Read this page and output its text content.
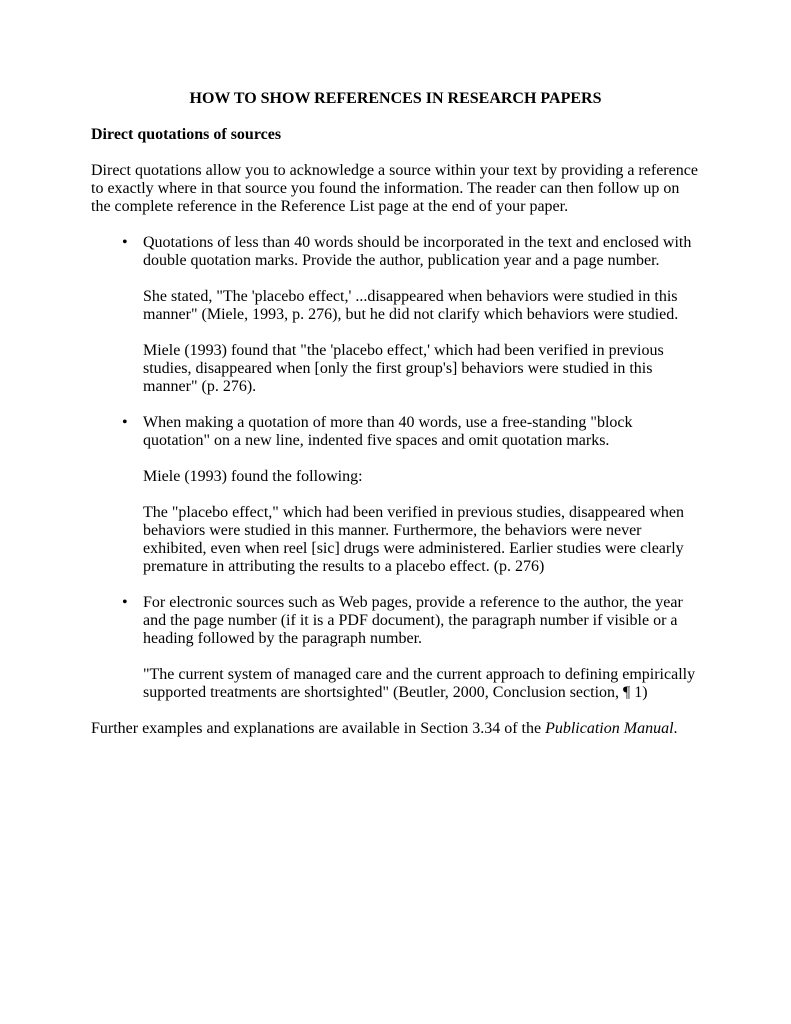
HOW TO SHOW REFERENCES IN RESEARCH PAPERS
Direct quotations of sources

Direct quotations allow you to acknowledge a source within your text by providing a reference to exactly where in that source you found the information. The reader can then follow up on the complete reference in the Reference List page at the end of your paper.

• Quotations of less than 40 words should be incorporated in the text and enclosed with double quotation marks. Provide the author, publication year and a page number.

She stated, "The 'placebo effect,' ...disappeared when behaviors were studied in this manner" (Miele, 1993, p. 276), but he did not clarify which behaviors were studied.

Miele (1993) found that "the 'placebo effect,' which had been verified in previous studies, disappeared when [only the first group's] behaviors were studied in this manner" (p. 276).

• When making a quotation of more than 40 words, use a free-standing "block quotation" on a new line, indented five spaces and omit quotation marks.

Miele (1993) found the following:

The "placebo effect," which had been verified in previous studies, disappeared when behaviors were studied in this manner. Furthermore, the behaviors were never exhibited, even when reel [sic] drugs were administered. Earlier studies were clearly premature in attributing the results to a placebo effect. (p. 276)

• For electronic sources such as Web pages, provide a reference to the author, the year and the page number (if it is a PDF document), the paragraph number if visible or a heading followed by the paragraph number.

"The current system of managed care and the current approach to defining empirically supported treatments are shortsighted" (Beutler, 2000, Conclusion section, ¶ 1)

Further examples and explanations are available in Section 3.34 of the Publication Manual.
